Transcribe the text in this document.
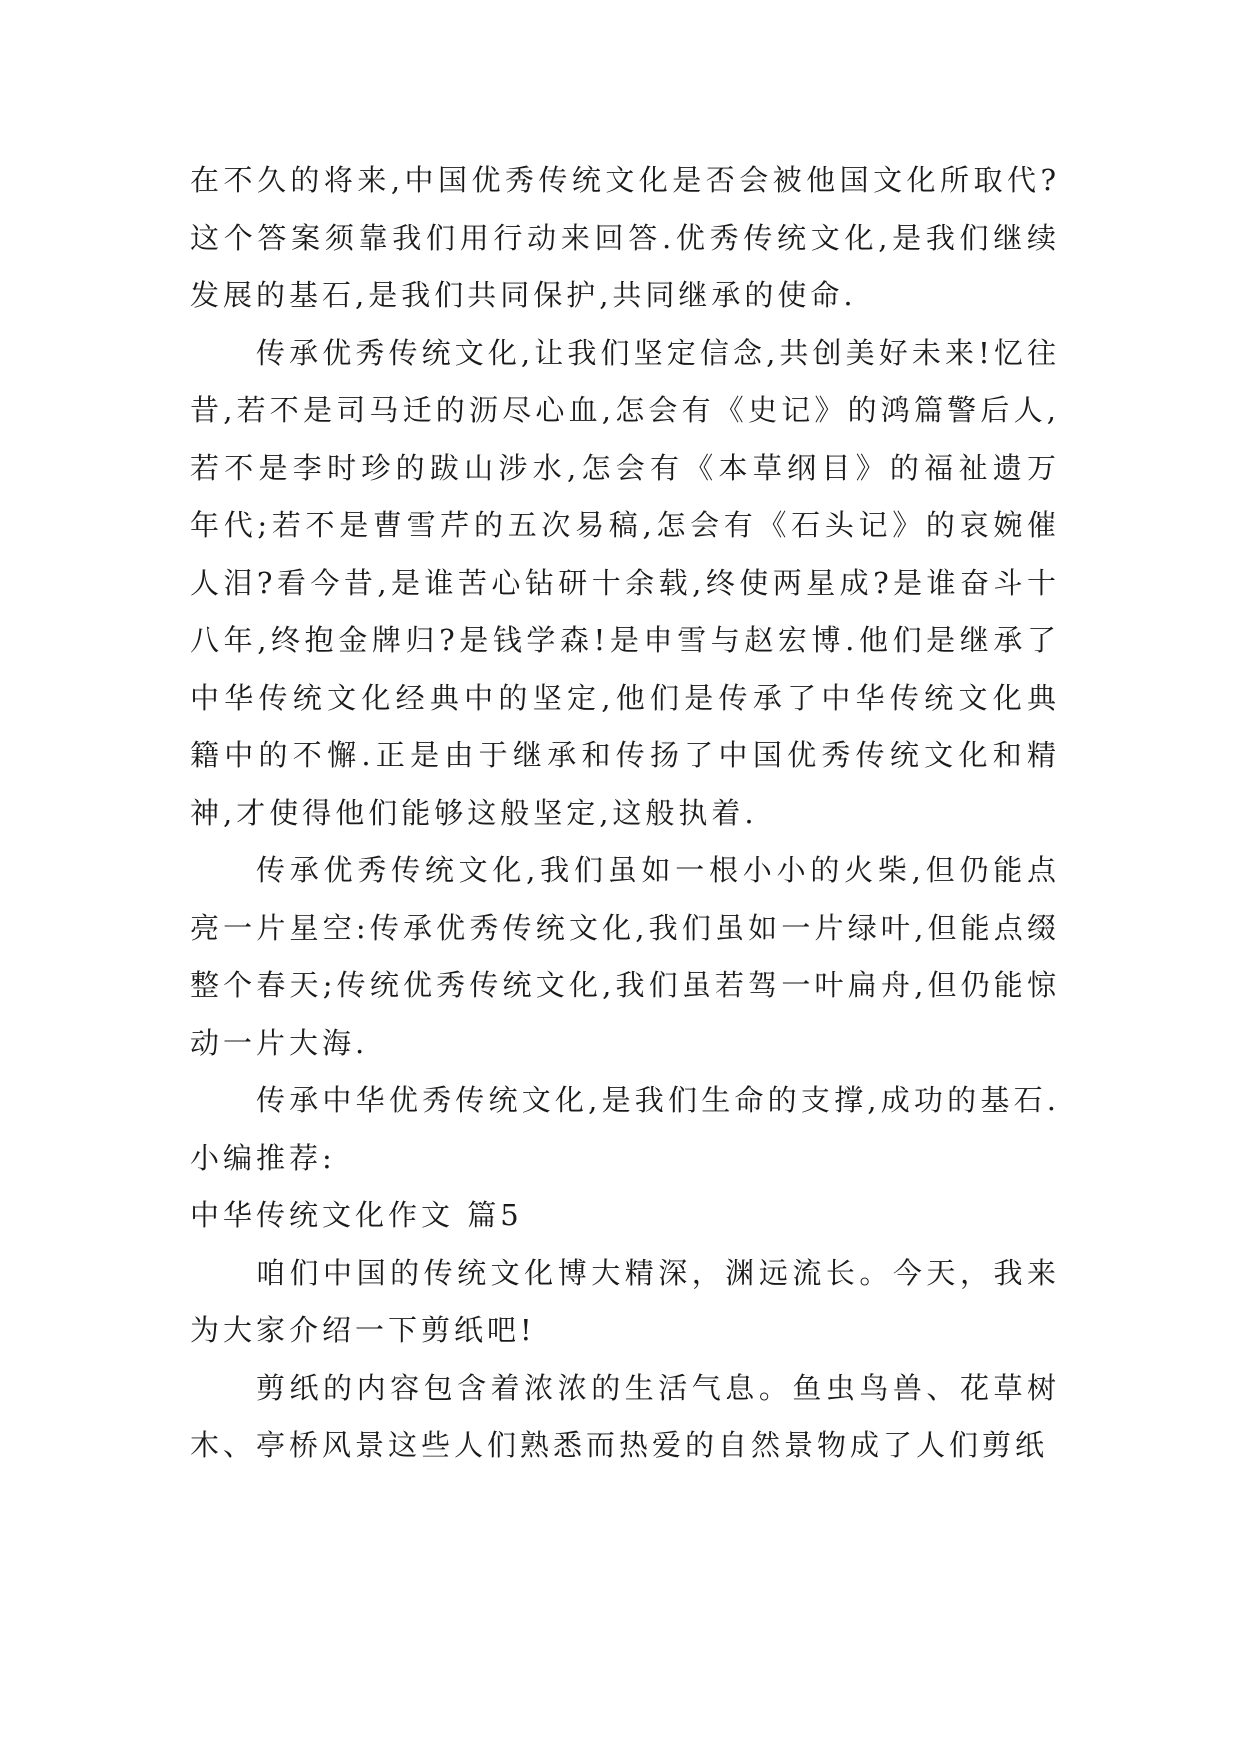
在不久的将来,中国优秀传统文化是否会被他国文化所取代?这个答案须靠我们用行动来回答.优秀传统文化,是我们继续发展的基石,是我们共同保护,共同继承的使命.

传承优秀传统文化,让我们坚定信念,共创美好未来!忆往昔,若不是司马迁的沥尽心血,怎会有《史记》的鸿篇警后人,若不是李时珍的跋山涉水,怎会有《本草纲目》的福祉遗万年代;若不是曹雪芹的五次易稿,怎会有《石头记》的哀婉催人泪?看今昔,是谁苦心钻研十余载,终使两星成?是谁奋斗十八年,终抱金牌归?是钱学森!是申雪与赵宏博.他们是继承了中华传统文化经典中的坚定,他们是传承了中华传统文化典籍中的不懈.正是由于继承和传扬了中国优秀传统文化和精神,才使得他们能够这般坚定,这般执着.

传承优秀传统文化,我们虽如一根小小的火柴,但仍能点亮一片星空:传承优秀传统文化,我们虽如一片绿叶,但能点缀整个春天;传统优秀传统文化,我们虽若驾一叶扁舟,但仍能惊动一片大海.

传承中华优秀传统文化,是我们生命的支撑,成功的基石.小编推荐:

中华传统文化作文 篇5

咱们中国的传统文化博大精深，渊远流长。今天，我来为大家介绍一下剪纸吧!

剪纸的内容包含着浓浓的生活气息。鱼虫鸟兽、花草树木、亭桥风景这些人们熟悉而热爱的自然景物成了人们剪纸
